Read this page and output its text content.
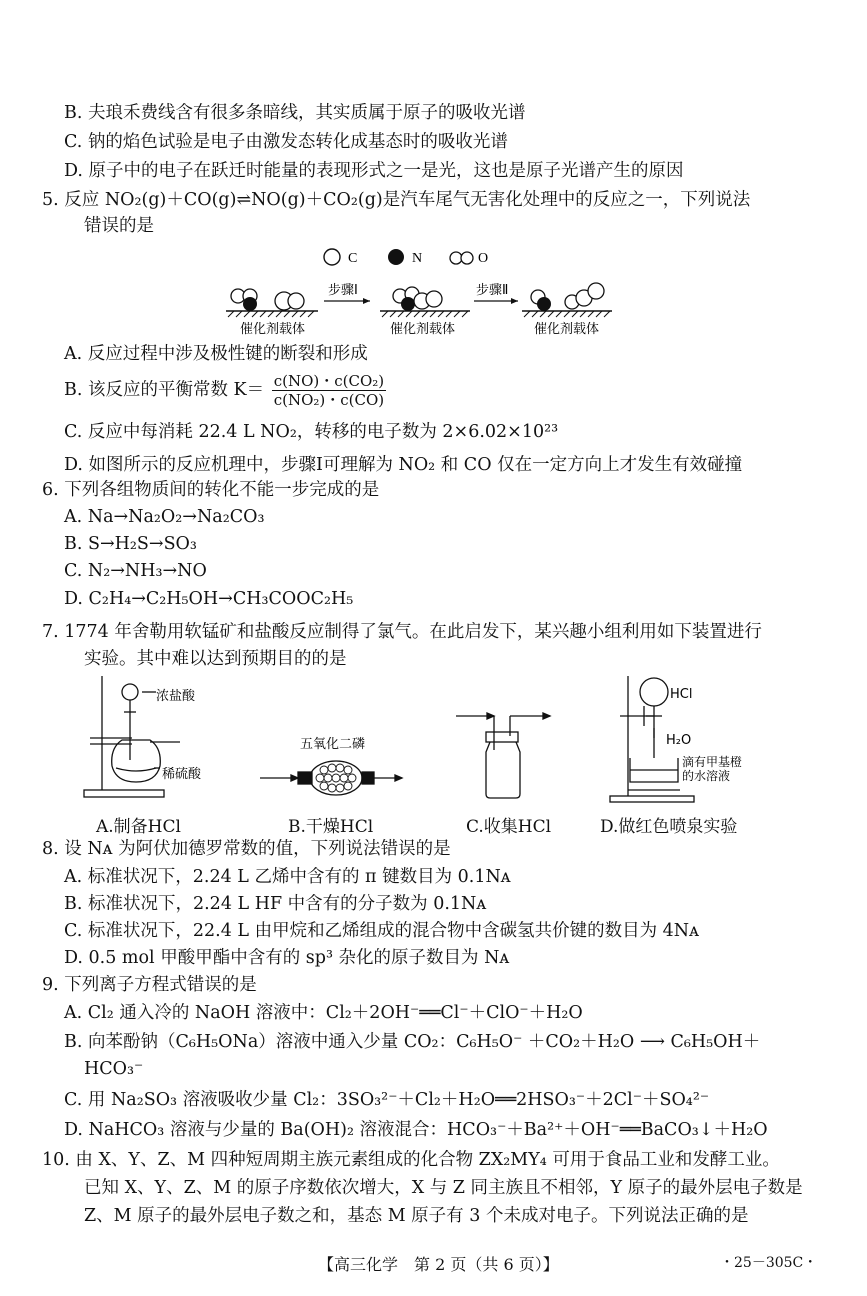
B. 夫琅禾费线含有很多条暗线，其实质属于原子的吸收光谱
C. 钠的焰色试验是电子由激发态转化成基态时的吸收光谱
D. 原子中的电子在跃迁时能量的表现形式之一是光，这也是原子光谱产生的原因
5. 反应 NO₂(g)＋CO(g)⇌NO(g)＋CO₂(g)是汽车尾气无害化处理中的反应之一，下列说法
错误的是
A. 反应过程中涉及极性键的断裂和形成
C. 反应中每消耗 22.4 L NO₂，转移的电子数为 2×6.02×10²³
D. 如图所示的反应机理中，步骤Ⅰ可理解为 NO₂ 和 CO 仅在一定方向上才发生有效碰撞
6. 下列各组物质间的转化不能一步完成的是
A. Na→Na₂O₂→Na₂CO₃
B. S→H₂S→SO₃
C. N₂→NH₃→NO
D. C₂H₄→C₂H₅OH→CH₃COOC₂H₅
7. 1774 年舍勒用软锰矿和盐酸反应制得了氯气。在此启发下，某兴趣小组利用如下装置进行
实验。其中难以达到预期目的的是
8. 设 Nᴀ 为阿伏加德罗常数的值，下列说法错误的是
A. 标准状况下，2.24 L 乙烯中含有的 π 键数目为 0.1Nᴀ
B. 标准状况下，2.24 L HF 中含有的分子数为 0.1Nᴀ
C. 标准状况下，22.4 L 由甲烷和乙烯组成的混合物中含碳氢共价键的数目为 4Nᴀ
D. 0.5 mol 甲酸甲酯中含有的 sp³ 杂化的原子数目为 Nᴀ
9. 下列离子方程式错误的是
A. Cl₂ 通入冷的 NaOH 溶液中：Cl₂＋2OH⁻══Cl⁻＋ClO⁻＋H₂O
B. 向苯酚钠（C₆H₅ONa）溶液中通入少量 CO₂：C₆H₅O⁻ ＋CO₂＋H₂O ⟶ C₆H₅OH＋
HCO₃⁻
C. 用 Na₂SO₃ 溶液吸收少量 Cl₂：3SO₃²⁻＋Cl₂＋H₂O══2HSO₃⁻＋2Cl⁻＋SO₄²⁻
D. NaHCO₃ 溶液与少量的 Ba(OH)₂ 溶液混合：HCO₃⁻＋Ba²⁺＋OH⁻══BaCO₃↓＋H₂O
10. 由 X、Y、Z、M 四种短周期主族元素组成的化合物 ZX₂MY₄ 可用于食品工业和发酵工业。
已知 X、Y、Z、M 的原子序数依次增大，X 与 Z 同主族且不相邻，Y 原子的最外层电子数是
Z、M 原子的最外层电子数之和，基态 M 原子有 3 个未成对电子。下列说法正确的是
B. 该反应的平衡常数 $K= \frac{\text{c(NO)・c(CO₂)}}{\text{c(NO₂)・c(CO)}}$
C	N	O
催化剂载体
步骤Ⅰ
催化剂载体
步骤Ⅱ
催化剂载体
浓盐酸
稀硫酸
五氧化二磷
HCl
H₂O
滴有甲基橙
的水溶液
A.制备HCl	B.干燥HCl	C.收集HCl	D.做红色喷泉实验
【高三化学　第 2 页（共 6 页）】	・25－305C・
